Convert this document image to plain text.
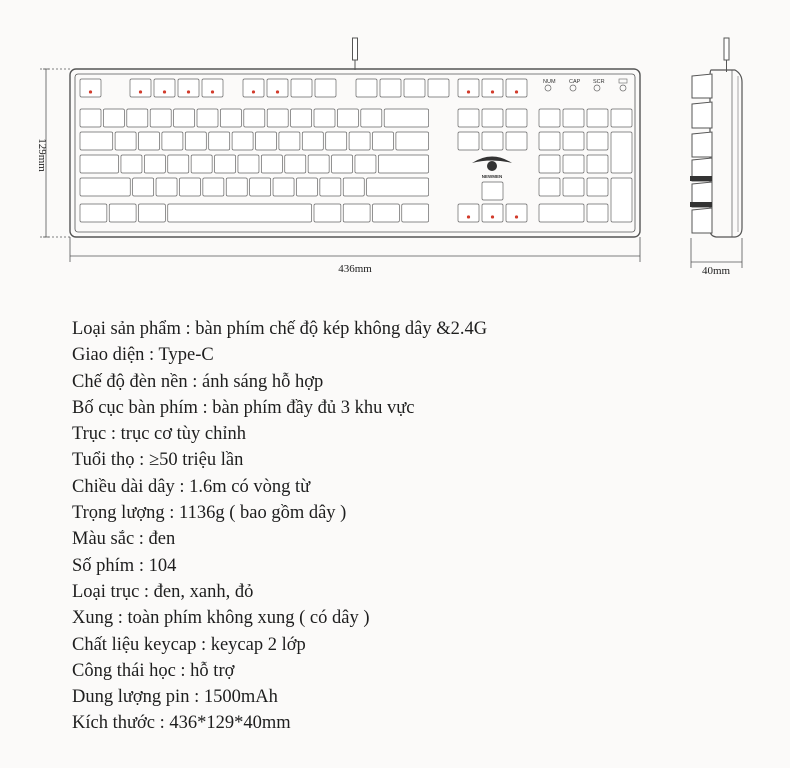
NUM CAP SCR
NEWMEN
129mm
436mm	40mm
Loại sản phẩm : bàn phím chế độ kép không dây &2.4G
Giao diện : Type-C
Chế độ đèn nền : ánh sáng hỗ hợp
Bố cục bàn phím : bàn phím đầy đủ 3 khu vực
Trục : trục cơ tùy chỉnh
Tuổi thọ : ≥50 triệu lần
Chiều dài dây : 1.6m có vòng từ
Trọng lượng : 1136g ( bao gồm dây )
Màu sắc : đen
Số phím : 104
Loại trục : đen, xanh, đỏ
Xung : toàn phím không xung ( có dây )
Chất liệu keycap : keycap 2 lớp
Công thái học : hỗ trợ
Dung lượng pin : 1500mAh
Kích thước : 436*129*40mm
